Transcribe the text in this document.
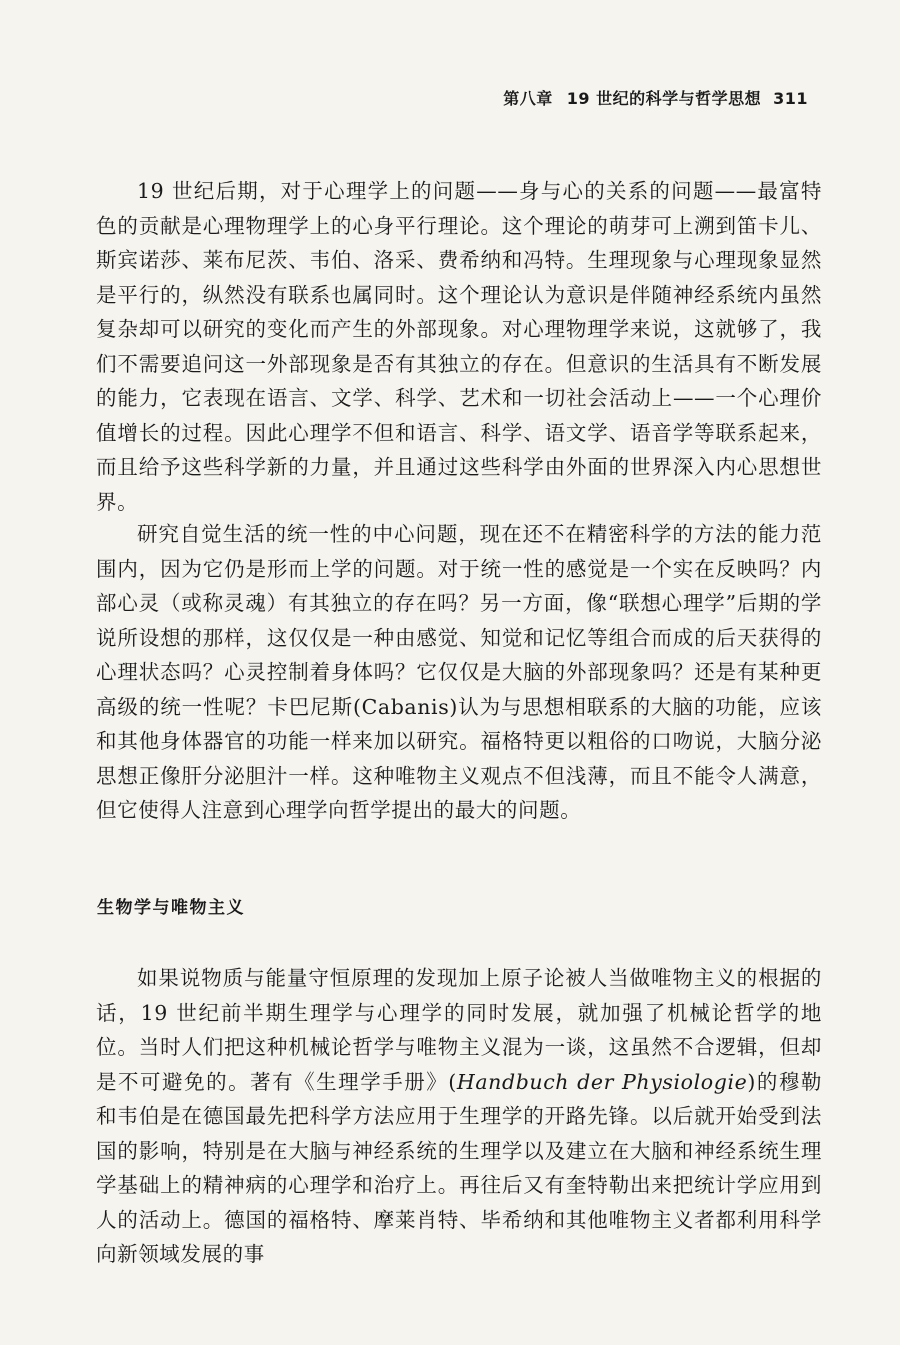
第八章 19 世纪的科学与哲学思想 311

19 世纪后期，对于心理学上的问题——身与心的关系的问题——最富特色的贡献是心理物理学上的心身平行理论。这个理论的萌芽可上溯到笛卡儿、斯宾诺莎、莱布尼茨、韦伯、洛采、费希纳和冯特。生理现象与心理现象显然是平行的，纵然没有联系也属同时。这个理论认为意识是伴随神经系统内虽然复杂却可以研究的变化而产生的外部现象。对心理物理学来说，这就够了，我们不需要追问这一外部现象是否有其独立的存在。但意识的生活具有不断发展的能力，它表现在语言、文学、科学、艺术和一切社会活动上——一个心理价值增长的过程。因此心理学不但和语言、科学、语文学、语音学等联系起来，而且给予这些科学新的力量，并且通过这些科学由外面的世界深入内心思想世界。

研究自觉生活的统一性的中心问题，现在还不在精密科学的方法的能力范围内，因为它仍是形而上学的问题。对于统一性的感觉是一个实在反映吗？内部心灵（或称灵魂）有其独立的存在吗？另一方面，像“联想心理学”后期的学说所设想的那样，这仅仅是一种由感觉、知觉和记忆等组合而成的后天获得的心理状态吗？心灵控制着身体吗？它仅仅是大脑的外部现象吗？还是有某种更高级的统一性呢？卡巴尼斯(Cabanis)认为与思想相联系的大脑的功能，应该和其他身体器官的功能一样来加以研究。福格特更以粗俗的口吻说，大脑分泌思想正像肝分泌胆汁一样。这种唯物主义观点不但浅薄，而且不能令人满意，但它使得人注意到心理学向哲学提出的最大的问题。

生物学与唯物主义

如果说物质与能量守恒原理的发现加上原子论被人当做唯物主义的根据的话，19 世纪前半期生理学与心理学的同时发展，就加强了机械论哲学的地位。当时人们把这种机械论哲学与唯物主义混为一谈，这虽然不合逻辑，但却是不可避免的。著有《生理学手册》(Handbuch der Physiologie)的穆勒和韦伯是在德国最先把科学方法应用于生理学的开路先锋。以后就开始受到法国的影响，特别是在大脑与神经系统的生理学以及建立在大脑和神经系统生理学基础上的精神病的心理学和治疗上。再往后又有奎特勒出来把统计学应用到人的活动上。德国的福格特、摩莱肖特、毕希纳和其他唯物主义者都利用科学向新领域发展的事
